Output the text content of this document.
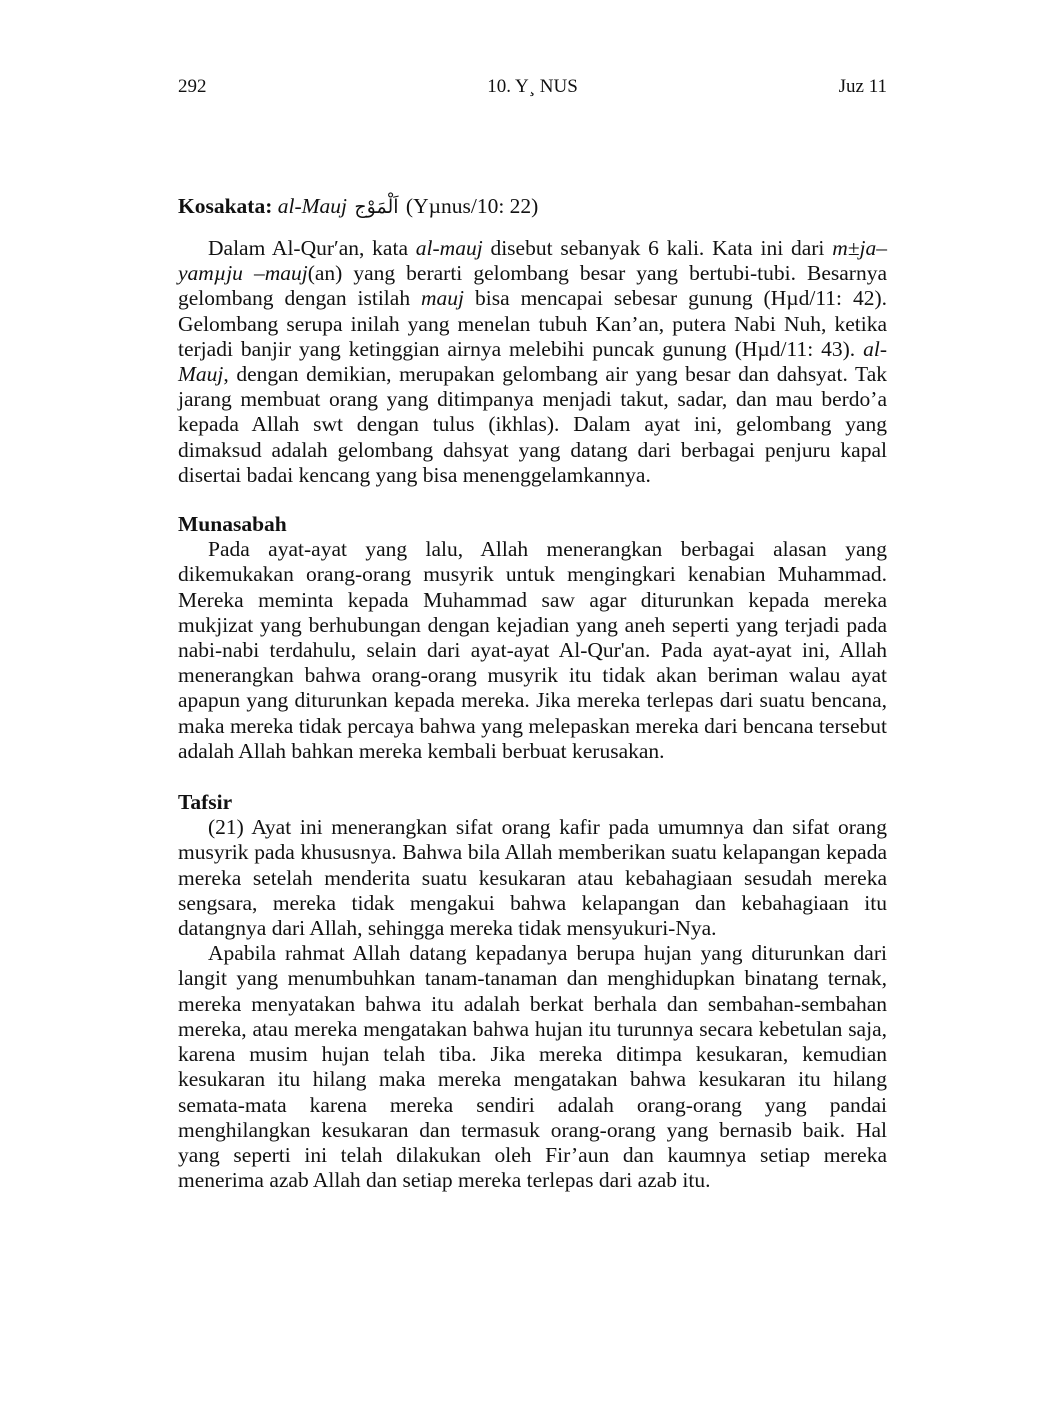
292	10. Y¸ NUS	Juz 11
Kosakata: al-Mauj اَلْمَوْج (Yµnus/10: 22)

Dalam Al-Qur′an, kata al-mauj disebut sebanyak 6 kali. Kata ini dari m±ja–yamµju –mauj(an) yang berarti gelombang besar yang bertubi-tubi. Besarnya gelombang dengan istilah mauj bisa mencapai sebesar gunung (Hµd/11: 42). Gelombang serupa inilah yang menelan tubuh Kan’an, putera Nabi Nuh, ketika terjadi banjir yang ketinggian airnya melebihi puncak gunung (Hµd/11: 43). al-Mauj, dengan demikian, merupakan gelombang air yang besar dan dahsyat. Tak jarang membuat orang yang ditimpanya menjadi takut, sadar, dan mau berdo’a kepada Allah swt dengan tulus (ikhlas). Dalam ayat ini, gelombang yang dimaksud adalah gelombang dahsyat yang datang dari berbagai penjuru kapal disertai badai kencang yang bisa menenggelamkannya.

Munasabah

Pada ayat-ayat yang lalu, Allah menerangkan berbagai alasan yang dikemukakan orang-orang musyrik untuk mengingkari kenabian Muhammad. Mereka meminta kepada Muhammad saw agar diturunkan kepada mereka mukjizat yang berhubungan dengan kejadian yang aneh seperti yang terjadi pada nabi-nabi terdahulu, selain dari ayat-ayat Al-Qur'an. Pada ayat-ayat ini, Allah menerangkan bahwa orang-orang musyrik itu tidak akan beriman walau ayat apapun yang diturunkan kepada mereka. Jika mereka terlepas dari suatu bencana, maka mereka tidak percaya bahwa yang melepaskan mereka dari bencana tersebut adalah Allah bahkan mereka kembali berbuat kerusakan.

Tafsir

(21) Ayat ini menerangkan sifat orang kafir pada umumnya dan sifat orang musyrik pada khususnya. Bahwa bila Allah memberikan suatu kelapangan kepada mereka setelah menderita suatu kesukaran atau kebahagiaan sesudah mereka sengsara, mereka tidak mengakui bahwa kelapangan dan kebahagiaan itu datangnya dari Allah, sehingga mereka tidak mensyukuri-Nya.

Apabila rahmat Allah datang kepadanya berupa hujan yang diturunkan dari langit yang menumbuhkan tanam-tanaman dan menghidupkan binatang ternak, mereka menyatakan bahwa itu adalah berkat berhala dan sembahan-sembahan mereka, atau mereka mengatakan bahwa hujan itu turunnya secara kebetulan saja, karena musim hujan telah tiba. Jika mereka ditimpa kesukaran, kemudian kesukaran itu hilang maka mereka mengatakan bahwa kesukaran itu hilang semata-mata karena mereka sendiri adalah orang-orang yang pandai menghilangkan kesukaran dan termasuk orang-orang yang bernasib baik. Hal yang seperti ini telah dilakukan oleh Fir’aun dan kaumnya setiap mereka menerima azab Allah dan setiap mereka terlepas dari azab itu.
